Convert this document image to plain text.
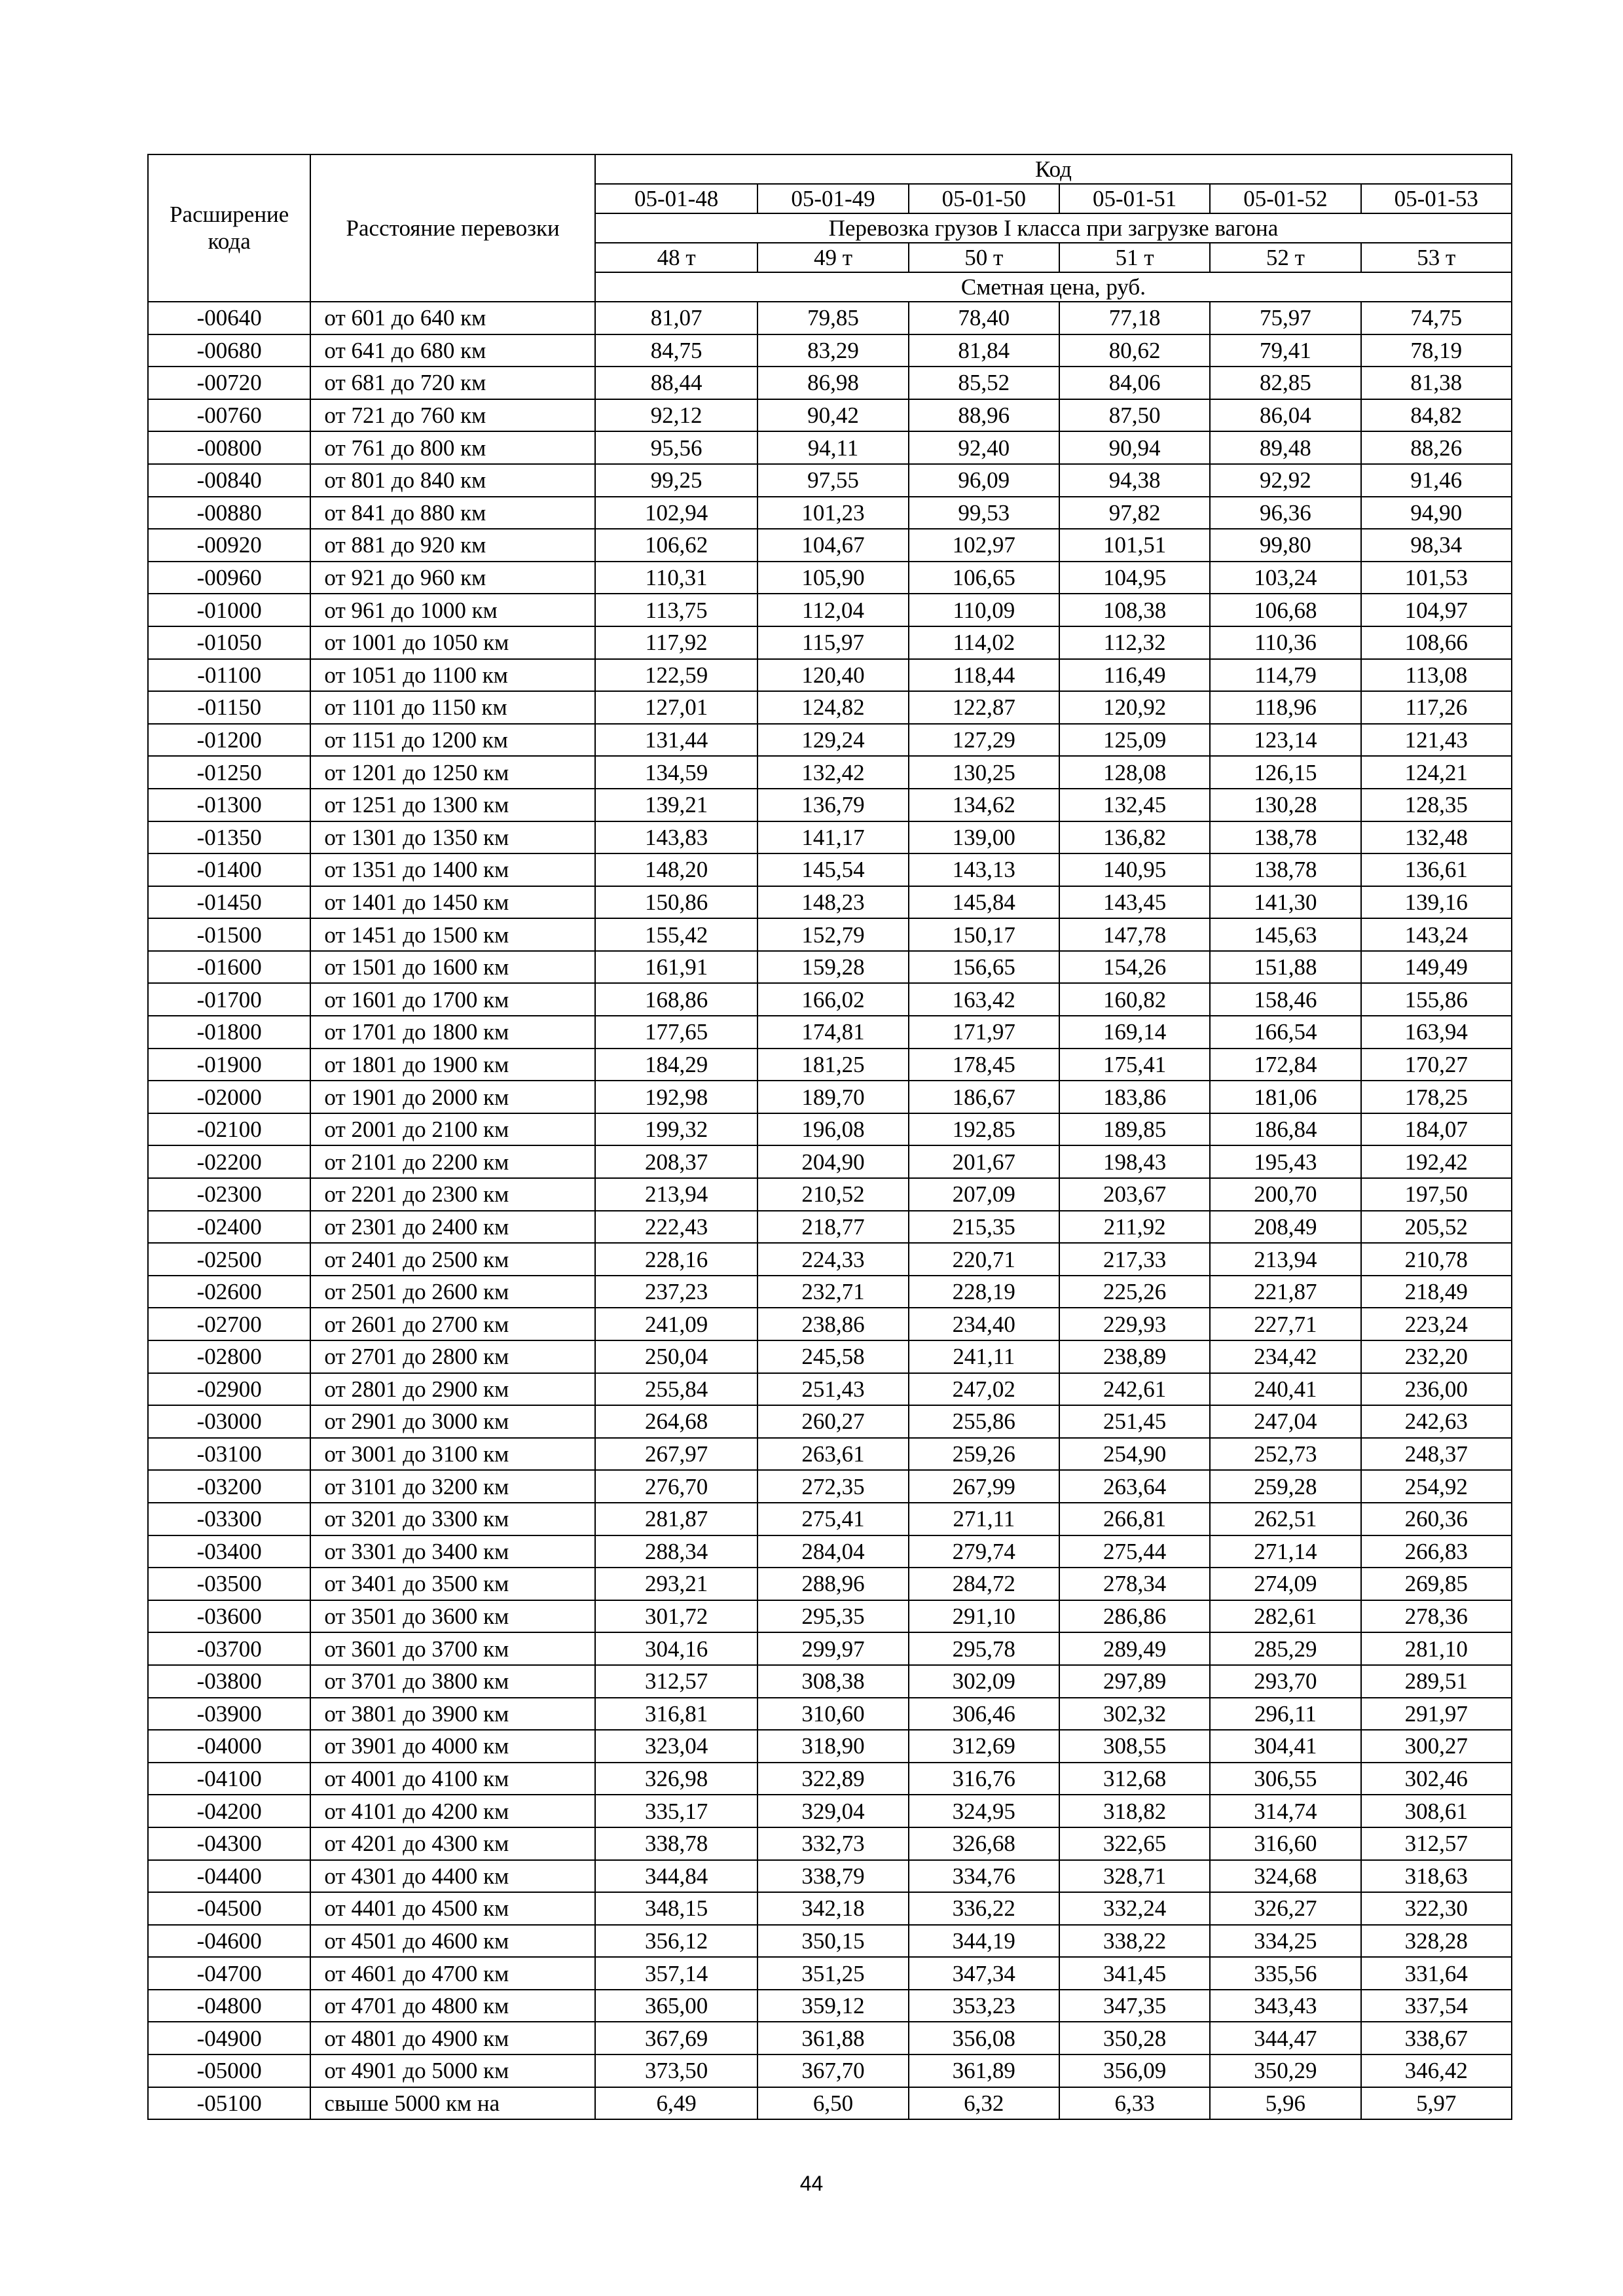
Расширение кода	Расстояние перевозки	Код					
		05-01-48	05-01-49	05-01-50	05-01-51	05-01-52	05-01-53
		Перевозка грузов I класса при загрузке вагона					
		48 т	49 т	50 т	51 т	52 т	53 т
		Сметная цена, руб.					
-00640	от 601 до 640 км	81,07	79,85	78,40	77,18	75,97	74,75
-00680	от 641 до 680 км	84,75	83,29	81,84	80,62	79,41	78,19
-00720	от 681 до 720 км	88,44	86,98	85,52	84,06	82,85	81,38
-00760	от 721 до 760 км	92,12	90,42	88,96	87,50	86,04	84,82
-00800	от 761 до 800 км	95,56	94,11	92,40	90,94	89,48	88,26
-00840	от 801 до 840 км	99,25	97,55	96,09	94,38	92,92	91,46
-00880	от 841 до 880 км	102,94	101,23	99,53	97,82	96,36	94,90
-00920	от 881 до 920 км	106,62	104,67	102,97	101,51	99,80	98,34
-00960	от 921 до 960 км	110,31	105,90	106,65	104,95	103,24	101,53
-01000	от 961 до 1000 км	113,75	112,04	110,09	108,38	106,68	104,97
-01050	от 1001 до 1050 км	117,92	115,97	114,02	112,32	110,36	108,66
-01100	от 1051 до 1100 км	122,59	120,40	118,44	116,49	114,79	113,08
-01150	от 1101 до 1150 км	127,01	124,82	122,87	120,92	118,96	117,26
-01200	от 1151 до 1200 км	131,44	129,24	127,29	125,09	123,14	121,43
-01250	от 1201 до 1250 км	134,59	132,42	130,25	128,08	126,15	124,21
-01300	от 1251 до 1300 км	139,21	136,79	134,62	132,45	130,28	128,35
-01350	от 1301 до 1350 км	143,83	141,17	139,00	136,82	138,78	132,48
-01400	от 1351 до 1400 км	148,20	145,54	143,13	140,95	138,78	136,61
-01450	от 1401 до 1450 км	150,86	148,23	145,84	143,45	141,30	139,16
-01500	от 1451 до 1500 км	155,42	152,79	150,17	147,78	145,63	143,24
-01600	от 1501 до 1600 км	161,91	159,28	156,65	154,26	151,88	149,49
-01700	от 1601 до 1700 км	168,86	166,02	163,42	160,82	158,46	155,86
-01800	от 1701 до 1800 км	177,65	174,81	171,97	169,14	166,54	163,94
-01900	от 1801 до 1900 км	184,29	181,25	178,45	175,41	172,84	170,27
-02000	от 1901 до 2000 км	192,98	189,70	186,67	183,86	181,06	178,25
-02100	от 2001 до 2100 км	199,32	196,08	192,85	189,85	186,84	184,07
-02200	от 2101 до 2200 км	208,37	204,90	201,67	198,43	195,43	192,42
-02300	от 2201 до 2300 км	213,94	210,52	207,09	203,67	200,70	197,50
-02400	от 2301 до 2400 км	222,43	218,77	215,35	211,92	208,49	205,52
-02500	от 2401 до 2500 км	228,16	224,33	220,71	217,33	213,94	210,78
-02600	от 2501 до 2600 км	237,23	232,71	228,19	225,26	221,87	218,49
-02700	от 2601 до 2700 км	241,09	238,86	234,40	229,93	227,71	223,24
-02800	от 2701 до 2800 км	250,04	245,58	241,11	238,89	234,42	232,20
-02900	от 2801 до 2900 км	255,84	251,43	247,02	242,61	240,41	236,00
-03000	от 2901 до 3000 км	264,68	260,27	255,86	251,45	247,04	242,63
-03100	от 3001 до 3100 км	267,97	263,61	259,26	254,90	252,73	248,37
-03200	от 3101 до 3200 км	276,70	272,35	267,99	263,64	259,28	254,92
-03300	от 3201 до 3300 км	281,87	275,41	271,11	266,81	262,51	260,36
-03400	от 3301 до 3400 км	288,34	284,04	279,74	275,44	271,14	266,83
-03500	от 3401 до 3500 км	293,21	288,96	284,72	278,34	274,09	269,85
-03600	от 3501 до 3600 км	301,72	295,35	291,10	286,86	282,61	278,36
-03700	от 3601 до 3700 км	304,16	299,97	295,78	289,49	285,29	281,10
-03800	от 3701 до 3800 км	312,57	308,38	302,09	297,89	293,70	289,51
-03900	от 3801 до 3900 км	316,81	310,60	306,46	302,32	296,11	291,97
-04000	от 3901 до 4000 км	323,04	318,90	312,69	308,55	304,41	300,27
-04100	от 4001 до 4100 км	326,98	322,89	316,76	312,68	306,55	302,46
-04200	от 4101 до 4200 км	335,17	329,04	324,95	318,82	314,74	308,61
-04300	от 4201 до 4300 км	338,78	332,73	326,68	322,65	316,60	312,57
-04400	от 4301 до 4400 км	344,84	338,79	334,76	328,71	324,68	318,63
-04500	от 4401 до 4500 км	348,15	342,18	336,22	332,24	326,27	322,30
-04600	от 4501 до 4600 км	356,12	350,15	344,19	338,22	334,25	328,28
-04700	от 4601 до 4700 км	357,14	351,25	347,34	341,45	335,56	331,64
-04800	от 4701 до 4800 км	365,00	359,12	353,23	347,35	343,43	337,54
-04900	от 4801 до 4900 км	367,69	361,88	356,08	350,28	344,47	338,67
-05000	от 4901 до 5000 км	373,50	367,70	361,89	356,09	350,29	346,42
-05100	свыше 5000 км на	6,49	6,50	6,32	6,33	5,96	5,97
44
